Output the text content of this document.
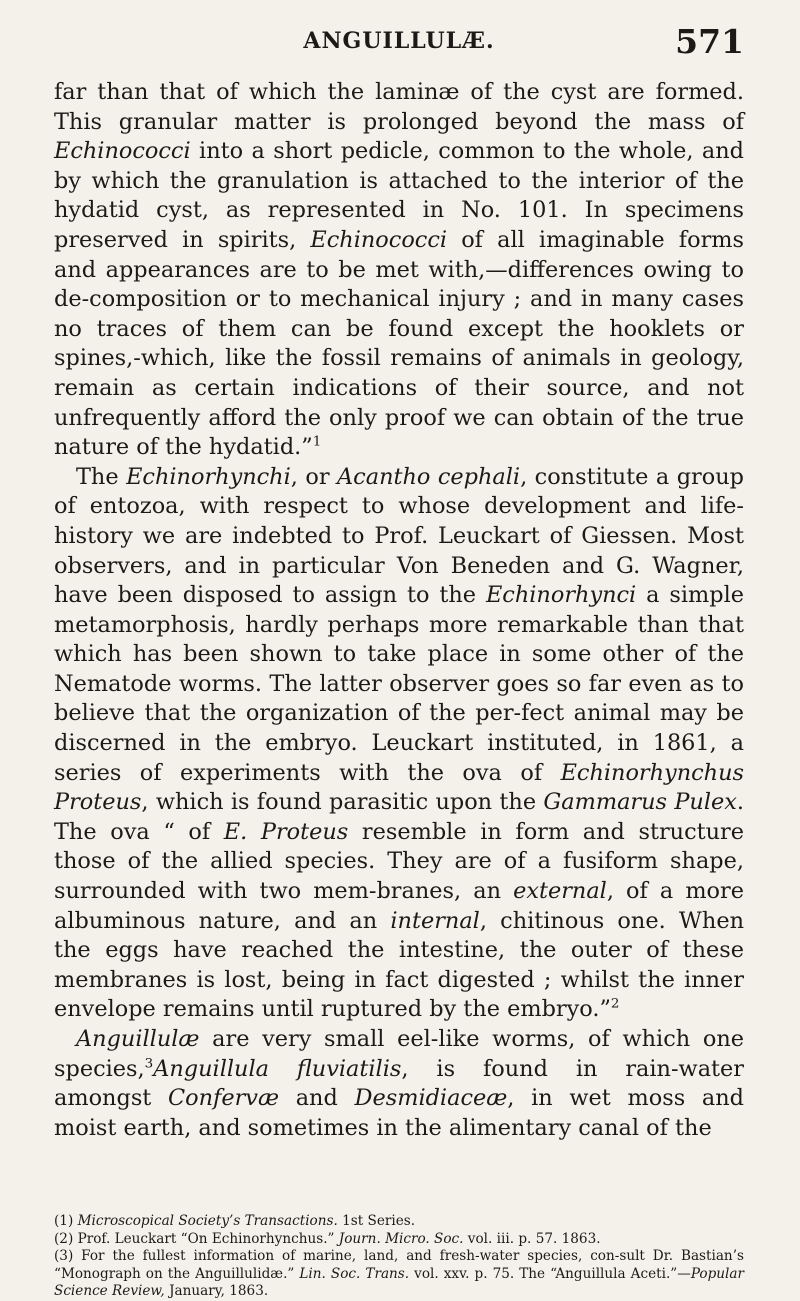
ANGUILLULÆ.	571

far than that of which the laminæ of the cyst are formed. This granular matter is prolonged beyond the mass of Echinococci into a short pedicle, common to the whole, and by which the granulation is attached to the interior of the hydatid cyst, as represented in No. 101. In specimens preserved in spirits, Echinococci of all imaginable forms and appearances are to be met with,—differences owing to de-composition or to mechanical injury ; and in many cases no traces of them can be found except the hooklets or spines,-which, like the fossil remains of animals in geology, remain as certain indications of their source, and not unfrequently afford the only proof we can obtain of the true nature of the hydatid.”$^1$

The Echinorhynchi, or Acantho cephali, constitute a group of entozoa, with respect to whose development and life-history we are indebted to Prof. Leuckart of Giessen. Most observers, and in particular Von Beneden and G. Wagner, have been disposed to assign to the Echinorhynci a simple metamorphosis, hardly perhaps more remarkable than that which has been shown to take place in some other of the Nematode worms. The latter observer goes so far even as to believe that the organization of the per-fect animal may be discerned in the embryo. Leuckart instituted, in 1861, a series of experiments with the ova of Echinorhynchus Proteus, which is found parasitic upon the Gammarus Pulex. The ova “ of E. Proteus resemble in form and structure those of the allied species. They are of a fusiform shape, surrounded with two mem-branes, an external, of a more albuminous nature, and an internal, chitinous one. When the eggs have reached the intestine, the outer of these membranes is lost, being in fact digested ; whilst the inner envelope remains until ruptured by the embryo.”$^2$

Anguillulæ are very small eel-like worms, of which one species,$^3$Anguillula fluviatilis, is found in rain-water amongst Confervæ and Desmidiaceæ, in wet moss and moist earth, and sometimes in the alimentary canal of the

(1) Microscopical Society’s Transactions. 1st Series.

(2) Prof. Leuckart “On Echinorhynchus.” Journ. Micro. Soc. vol. iii. p. 57. 1863.

(3) For the fullest information of marine, land, and fresh-water species, con-sult Dr. Bastian’s “Monograph on the Anguillulidæ.” Lin. Soc. Trans. vol. xxv. p. 75. The “Anguillula Aceti.”—Popular Science Review, January, 1863.
